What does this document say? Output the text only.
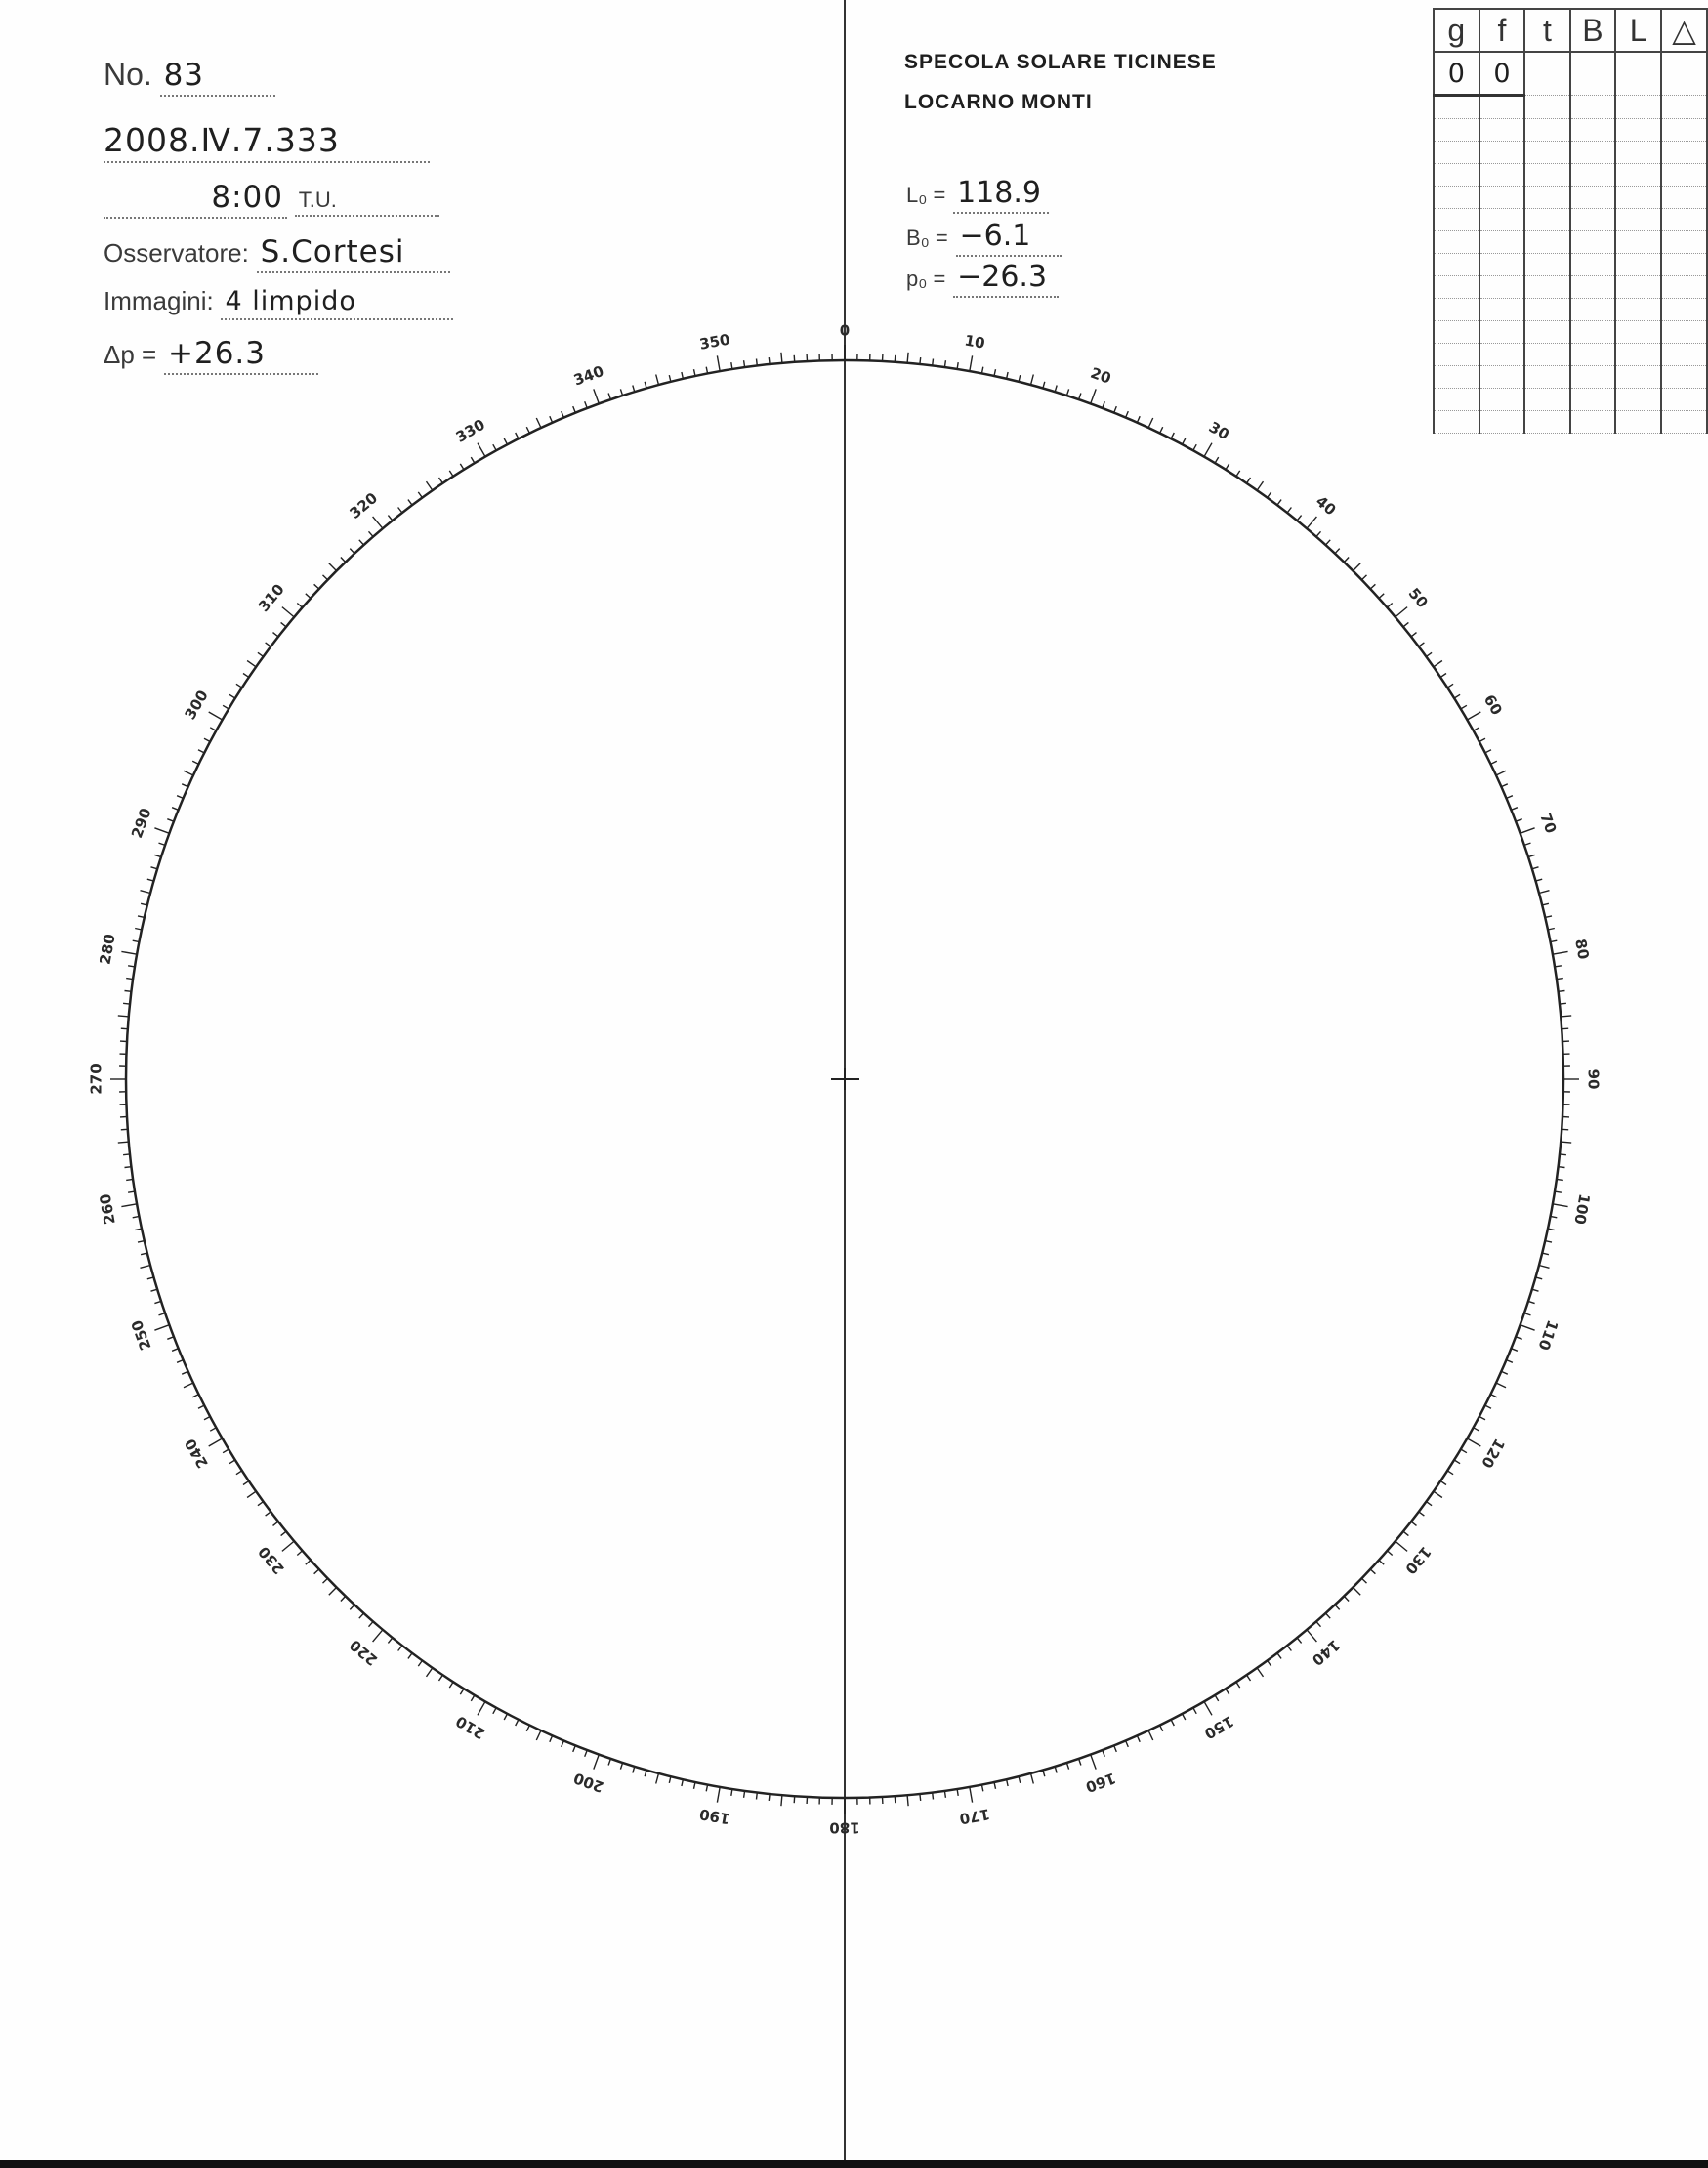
0
10
20
30
40
50
60
70
80
90
100
110
120
130
140
150
160
170
180
190
200
210
220
230
240
250
260
270
280
290
300
310
320
330
340
350
No. 83
2008.Ⅳ.7.333
8:00 T.U.
Osservatore: S.Cortesi
Immagini: 4 limpido
Δp = +26.3
SPECOLA SOLARE TICINESE
LOCARNO MONTI
L₀ = 118.9
B₀ = −6.1
p₀ = −26.3
g	f	t	B	L	△
0	0				
